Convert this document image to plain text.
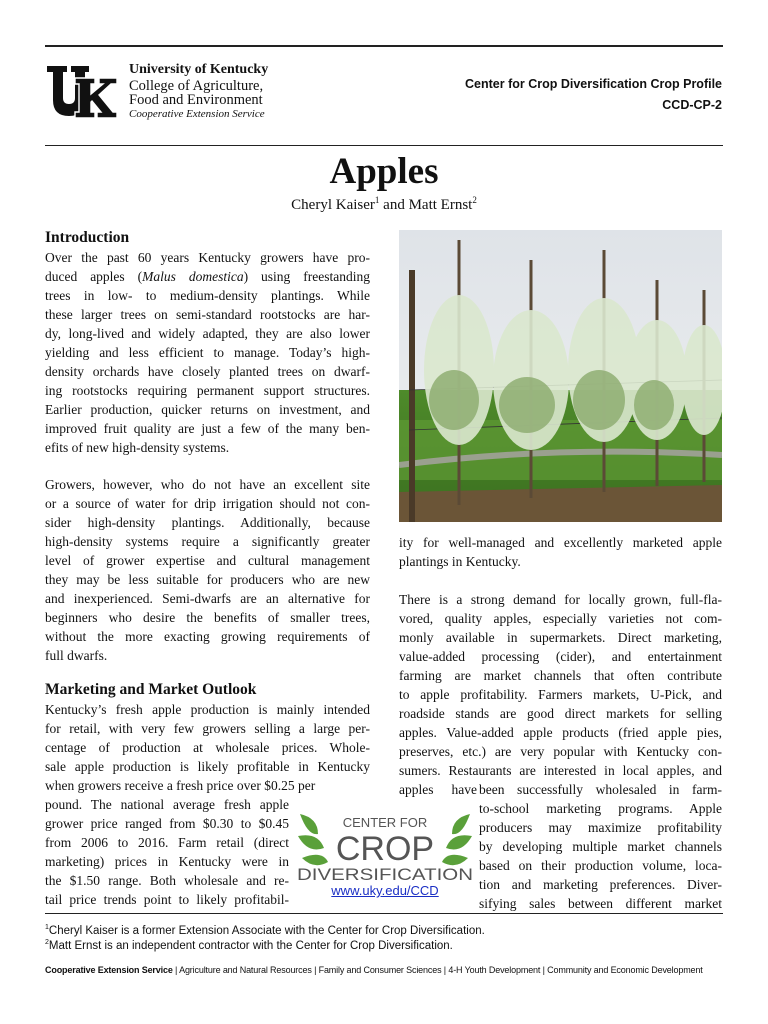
University of Kentucky
College of Agriculture,
Food and Environment
Cooperative Extension Service
Center for Crop Diversification Crop Profile
CCD-CP-2
Apples
Cheryl Kaiser$^1$ and Matt Ernst$^2$
Introduction
Over the past 60 years Kentucky growers have pro-
duced apples (Malus domestica) using freestanding
trees in low- to medium-density plantings. While
these larger trees on semi-standard rootstocks are har-
dy, long-lived and widely adapted, they are also lower
yielding and less efficient to manage. Today’s high-
density orchards have closely planted trees on dwarf-
ing rootstocks requiring permanent support structures.
Earlier production, quicker returns on investment, and
improved fruit quality are just a few of the many ben-
efits of new high-density systems.
Growers, however, who do not have an excellent site
or a source of water for drip irrigation should not con-
sider high-density plantings. Additionally, because
high-density systems require a significantly greater
level of grower expertise and cultural management
they may be less suitable for producers who are new
and inexperienced. Semi-dwarfs are an alternative for
beginners who desire the benefits of smaller trees,
without the more exacting growing requirements of
full dwarfs.
Marketing and Market Outlook
Kentucky’s fresh apple production is mainly intended
for retail, with very few growers selling a large per-
centage of production at wholesale prices. Whole-
sale apple production is likely profitable in Kentucky
when growers receive a fresh price over $0.25 per
pound. The national average fresh apple
grower price ranged from $0.30 to $0.45
from 2006 to 2016. Farm retail (direct
marketing) prices in Kentucky were in
the $1.50 range. Both wholesale and re-
tail price trends point to likely profitabil-
ity for well-managed and excellently marketed apple
plantings in Kentucky.
There is a strong demand for locally grown, full-fla-
vored, quality apples, especially varieties not com-
monly available in supermarkets. Direct marketing,
value-added processing (cider), and entertainment
farming are market channels that often contribute
to apple profitability. Farmers markets, U-Pick, and
roadside stands are good direct markets for selling
apples. Value-added apple products (fried apple pies,
preserves, etc.) are very popular with Kentucky con-
sumers. Restaurants are interested in local apples, and
apples have been successfully wholesaled in farm-
to-school marketing programs. Apple
producers may maximize profitability
by developing multiple market channels
based on their production volume, loca-
tion and marketing preferences. Diver-
sifying sales between different market
CENTER FOR
CROP
DIVERSIFICATION
www.uky.edu/CCD
$^1$Cheryl Kaiser is a former Extension Associate with the Center for Crop Diversification.
$^2$Matt Ernst is an independent contractor with the Center for Crop Diversification.
Cooperative Extension Service | Agriculture and Natural Resources | Family and Consumer Sciences | 4-H Youth Development | Community and Economic Development
